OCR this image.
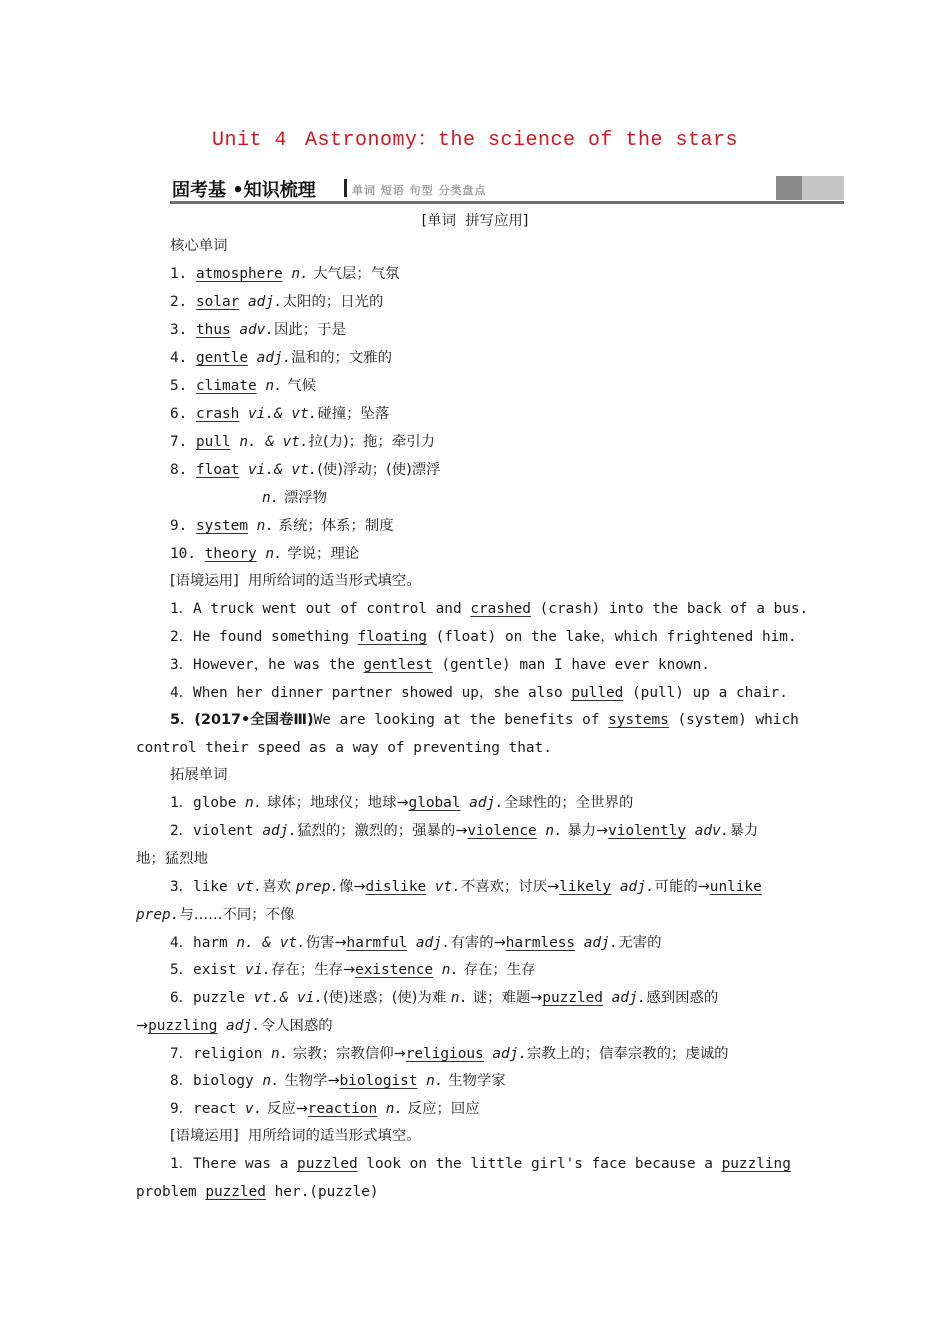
Unit 4 Astronomy：the science of the stars
固考基 •知识梳理	单词 短语 句型 分类盘点
[单词  拼写应用]
核心单词
1. atmosphere n. 大气层；气氛
2. solar adj.太阳的；日光的
3. thus adv.因此；于是
4. gentle adj.温和的；文雅的
5. climate n. 气候
6. crash vi.& vt.碰撞；坠落
7. pull n. & vt.拉(力)；拖；牵引力
8. float vi.& vt.(使)浮动；(使)漂浮
n. 漂浮物
9. system n. 系统；体系；制度
10. theory n. 学说；理论
[语境运用]  用所给词的适当形式填空。
1．A truck went out of control and crashed (crash) into the back of a bus.
2．He found something floating (float) on the lake，which frightened him.
3．However，he was the gentlest (gentle) man I have ever known.
4．When her dinner partner showed up，she also pulled (pull) up a chair.
5．(2017•全国卷Ⅲ)We are looking at the benefits of systems (system) which
control their speed as a way of preventing that.
拓展单词
1．globe n. 球体；地球仪；地球→global adj.全球性的；全世界的
2．violent adj.猛烈的；激烈的；强暴的→violence n. 暴力→violently adv.暴力
地；猛烈地
3．like vt.喜欢 prep.像→dislike vt.不喜欢；讨厌→likely adj.可能的→unlike
prep.与……不同；不像
4．harm n. & vt.伤害→harmful adj.有害的→harmless adj.无害的
5．exist vi.存在；生存→existence n. 存在；生存
6．puzzle vt.& vi.(使)迷惑；(使)为难 n. 谜；难题→puzzled adj.感到困惑的
→puzzling adj.令人困惑的
7．religion n. 宗教；宗教信仰→religious adj.宗教上的；信奉宗教的；虔诚的
8．biology n. 生物学→biologist n. 生物学家
9．react v. 反应→reaction n. 反应；回应
[语境运用]  用所给词的适当形式填空。
1．There was a puzzled look on the little girl's face because a puzzling
problem puzzled her.(puzzle)
